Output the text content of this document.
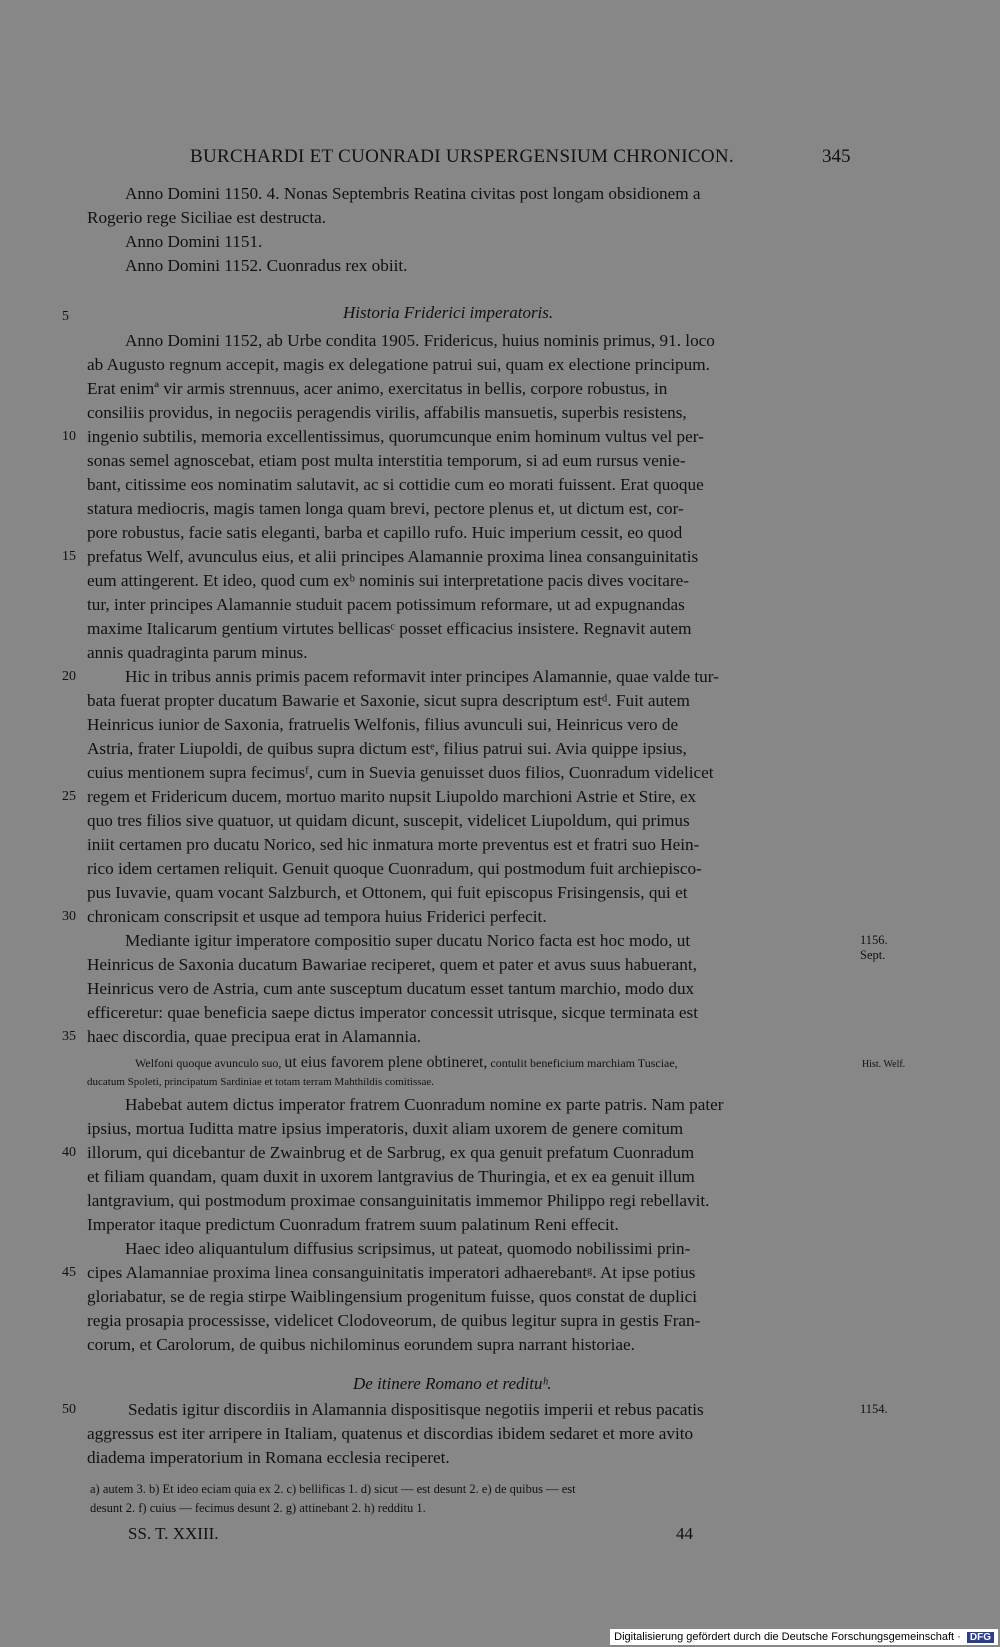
BURCHARDI ET CUONRADI URSPERGENSIUM CHRONICON.	345
Anno Domini 1150. 4. Nonas Septembris Reatina civitas post longam obsidionem a
Rogerio rege Siciliae est destructa.
Anno Domini 1151.
Anno Domini 1152. Cuonradus rex obiit.
5	Historia Friderici imperatoris.
Anno Domini 1152, ab Urbe condita 1905. Fridericus, huius nominis primus, 91. loco
ab Augusto regnum accepit, magis ex delegatione patrui sui, quam ex electione principum.
Erat enimª vir armis strennuus, acer animo, exercitatus in bellis, corpore robustus, in
consiliis providus, in negociis peragendis virilis, affabilis mansuetis, superbis resistens,
10 ingenio subtilis, memoria excellentissimus, quorumcunque enim hominum vultus vel per-
sonas semel agnoscebat, etiam post multa interstitia temporum, si ad eum rursus venie-
bant, citissime eos nominatim salutavit, ac si cottidie cum eo morati fuissent. Erat quoque
statura mediocris, magis tamen longa quam brevi, pectore plenus et, ut dictum est, cor-
pore robustus, facie satis eleganti, barba et capillo rufo. Huic imperium cessit, eo quod
15 prefatus Welf, avunculus eius, et alii principes Alamannie proxima linea consanguinitatis
eum attingerent. Et ideo, quod cum exᵇ nominis sui interpretatione pacis dives vocitare-
tur, inter principes Alamannie studuit pacem potissimum reformare, ut ad expugnandas
maxime Italicarum gentium virtutes bellicasᶜ posset efficacius insistere. Regnavit autem
annis quadraginta parum minus.
20	Hic in tribus annis primis pacem reformavit inter principes Alamannie, quae valde tur-
bata fuerat propter ducatum Bawarie et Saxonie, sicut supra descriptum estᵈ. Fuit autem
Heinricus iunior de Saxonia, fratruelis Welfonis, filius avunculi sui, Heinricus vero de
Astria, frater Liupoldi, de quibus supra dictum estᵉ, filius patrui sui. Avia quippe ipsius,
cuius mentionem supra fecimusᶠ, cum in Suevia genuisset duos filios, Cuonradum videlicet
25 regem et Fridericum ducem, mortuo marito nupsit Liupoldo marchioni Astrie et Stire, ex
quo tres filios sive quatuor, ut quidam dicunt, suscepit, videlicet Liupoldum, qui primus
iniit certamen pro ducatu Norico, sed hic inmatura morte preventus est et fratri suo Hein-
rico idem certamen reliquit. Genuit quoque Cuonradum, qui postmodum fuit archiepisco-
pus Iuvavie, quam vocant Salzburch, et Ottonem, qui fuit episcopus Frisingensis, qui et
30 chronicam conscripsit et usque ad tempora huius Friderici perfecit.
Mediante igitur imperatore compositio super ducatu Norico facta est hoc modo, ut	1156.
Heinricus de Saxonia ducatum Bawariae reciperet, quem et pater et avus suus habuerant,	Sept.
Heinricus vero de Astria, cum ante susceptum ducatum esset tantum marchio, modo dux
efficeretur: quae beneficia saepe dictus imperator concessit utrisque, sicque terminata est
35 haec discordia, quae precipua erat in Alamannia.
Welfoni quoque avunculo suo, ut eius favorem plene obtineret, contulit beneficium marchiam Tusciae,	Hist. Welf.
ducatum Spoleti, principatum Sardiniae et totam terram Mahthildis comitissae.
Habebat autem dictus imperator fratrem Cuonradum nomine ex parte patris. Nam pater
ipsius, mortua Iuditta matre ipsius imperatoris, duxit aliam uxorem de genere comitum
40 illorum, qui dicebantur de Zwainbrug et de Sarbrug, ex qua genuit prefatum Cuonradum
et filiam quandam, quam duxit in uxorem lantgravius de Thuringia, et ex ea genuit illum
lantgravium, qui postmodum proximae consanguinitatis immemor Philippo regi rebellavit.
Imperator itaque predictum Cuonradum fratrem suum palatinum Reni effecit.
Haec ideo aliquantulum diffusius scripsimus, ut pateat, quomodo nobilissimi prin-
45 cipes Alamanniae proxima linea consanguinitatis imperatori adhaerebantᵍ. At ipse potius
gloriabatur, se de regia stirpe Waiblingensium progenitum fuisse, quos constat de duplici
regia prosapia processisse, videlicet Clodoveorum, de quibus legitur supra in gestis Fran-
corum, et Carolorum, de quibus nichilominus eorundem supra narrant historiae.
De itinere Romano et redituʰ.
50	Sedatis igitur discordiis in Alamannia dispositisque negotiis imperii et rebus pacatis	1154.
aggressus est iter arripere in Italiam, quatenus et discordias ibidem sedaret et more avito
diadema imperatorium in Romana ecclesia reciperet.
a) autem 3. b) Et ideo eciam quia ex 2. c) bellificas 1. d) sicut — est desunt 2. e) de quibus — est
desunt 2. f) cuius — fecimus desunt 2. g) attinebant 2. h) redditu 1.
SS. T. XXIII.	44
Digitalisierung gefördert durch die Deutsche Forschungsgemeinschaft · DFG
